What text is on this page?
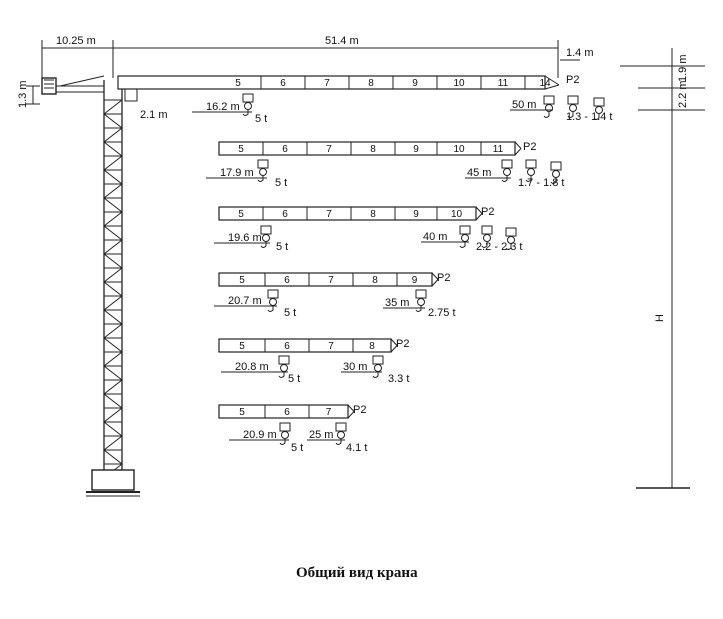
10.25 m	51.4 m
1.4 m
1.3 m
2.1 m
1.9 m
2.2 m
H
Общий вид крана
5	6	7	8	9	10	11	14 P2
16.2 m
5 t
50 m
1.3 - 1.4 t
5	6	7	8	9	10	11 P2
17.9 m
5 t
45 m
1.7 - 1.8 t
5	6	7	8	9	10 P2
19.6 m
5 t
40 m
2.2 - 2.3 t
5	6	7	8	9 P2
20.7 m
5 t
35 m
2.75 t
5	6	7	8 P2
20.8 m
5 t
30 m
3.3 t
5	6	7 P2
20.9 m
5 t
25 m
4.1 t
